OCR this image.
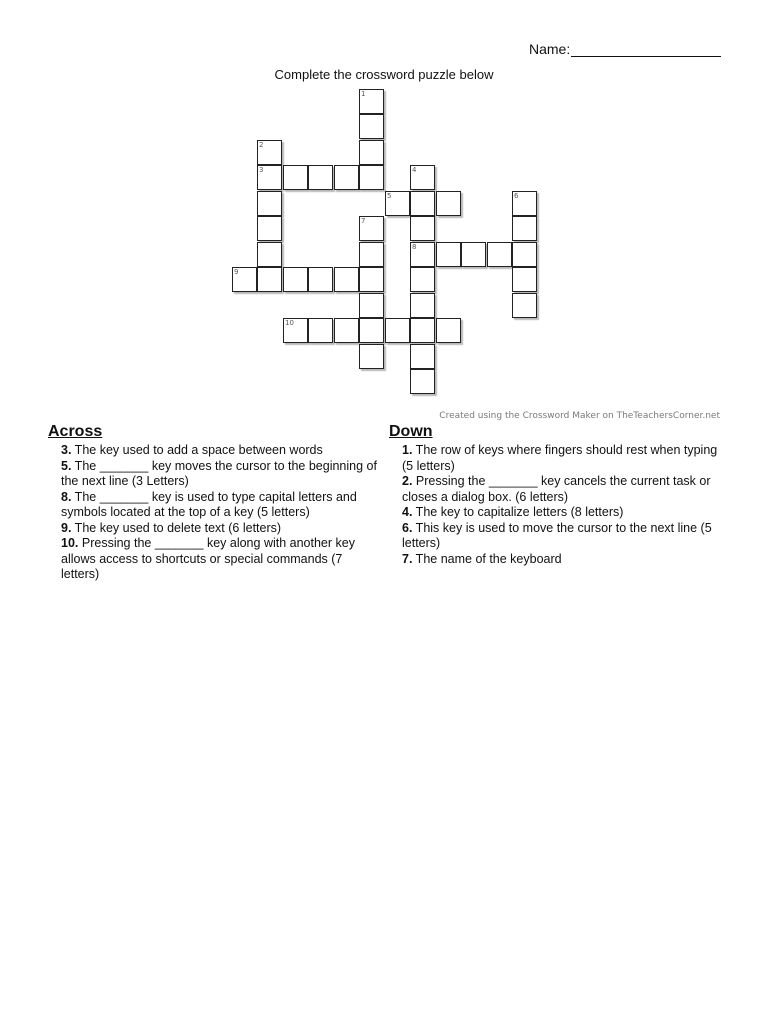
Name:
Complete the crossword puzzle below
1
2
3	4
5	6
7
8
9
10
Created using the Crossword Maker on TheTeachersCorner.net
Across

3. The key used to add a space between words

5. The _______ key moves the cursor to the beginning of the next line (3 Letters)

8. The _______ key is used to type capital letters and symbols located at the top of a key (5 letters)

9. The key used to delete text (6 letters)

10. Pressing the _______ key along with another key allows access to shortcuts or special commands (7 letters)

Down

1. The row of keys where fingers should rest when typing (5 letters)

2. Pressing the _______ key cancels the current task or closes a dialog box. (6 letters)

4. The key to capitalize letters (8 letters)

6. This key is used to move the cursor to the next line (5 letters)

7. The name of the keyboard
